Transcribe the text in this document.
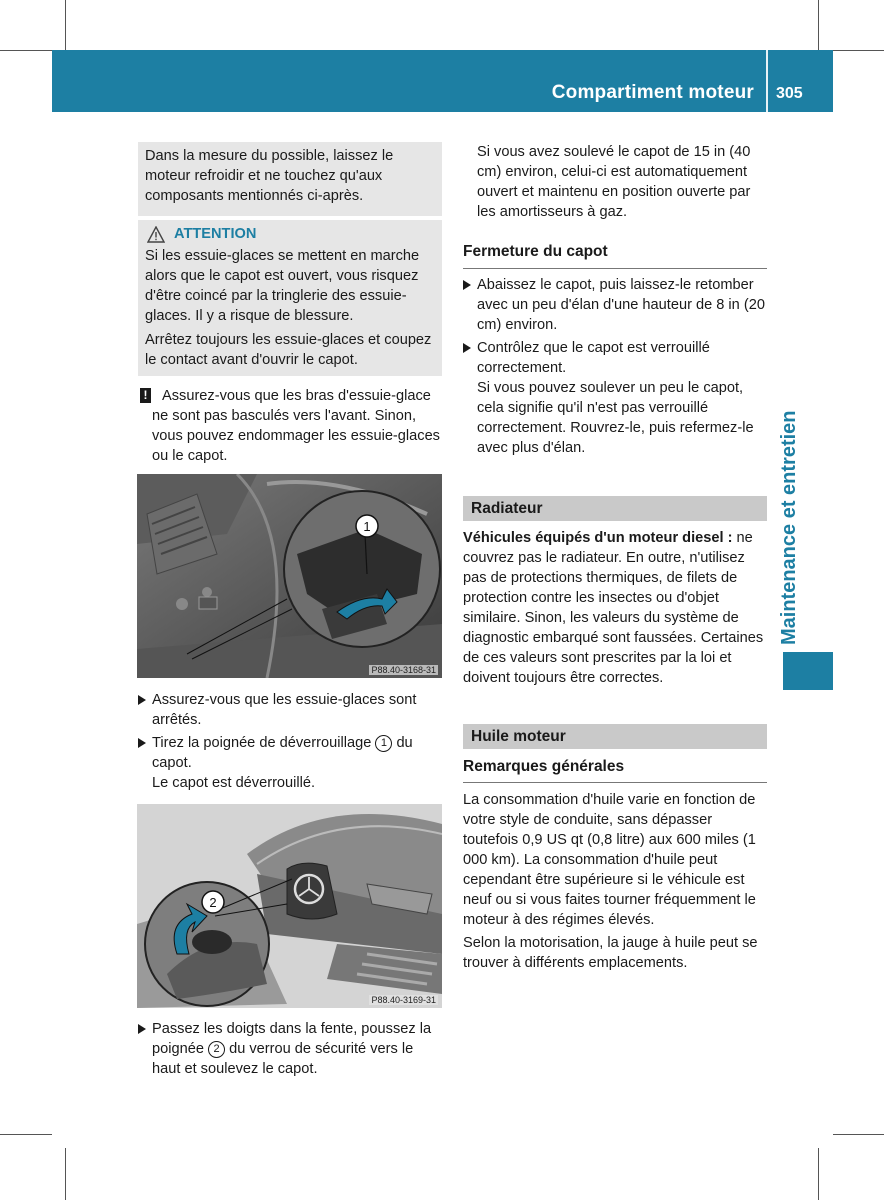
Compartiment moteur 305
Maintenance et entretien
Dans la mesure du possible, laissez le moteur refroidir et ne touchez qu'aux composants mentionnés ci-après.
ATTENTION
Si les essuie-glaces se mettent en marche alors que le capot est ouvert, vous risquez d'être coincé par la tringlerie des essuie-glaces. Il y a risque de blessure.
Arrêtez toujours les essuie-glaces et coupez le contact avant d'ouvrir le capot.
! Assurez-vous que les bras d'essuie-glace ne sont pas basculés vers l'avant. Sinon, vous pouvez endommager les essuie-glaces ou le capot.
1
P88.40-3168-31
Assurez-vous que les essuie-glaces sont arrêtés.
Tirez la poignée de déverrouillage 1 du capot.
Le capot est déverrouillé.
2
P88.40-3169-31
Passez les doigts dans la fente, poussez la poignée 2 du verrou de sécurité vers le haut et soulevez le capot.
Si vous avez soulevé le capot de 15 in (40 cm) environ, celui-ci est automatiquement ouvert et maintenu en position ouverte par les amortisseurs à gaz.
Fermeture du capot
Abaissez le capot, puis laissez-le retomber avec un peu d'élan d'une hauteur de 8 in (20 cm) environ.
Contrôlez que le capot est verrouillé correctement.
Si vous pouvez soulever un peu le capot, cela signifie qu'il n'est pas verrouillé correctement. Rouvrez-le, puis refermez-le avec plus d'élan.
Radiateur
Véhicules équipés d'un moteur diesel : ne couvrez pas le radiateur. En outre, n'utilisez pas de protections thermiques, de filets de protection contre les insectes ou d'objet similaire. Sinon, les valeurs du système de diagnostic embarqué sont faussées. Certaines de ces valeurs sont prescrites par la loi et doivent toujours être correctes.
Huile moteur
Remarques générales
La consommation d'huile varie en fonction de votre style de conduite, sans dépasser toutefois 0,9 US qt (0,8 litre) aux 600 miles (1 000 km). La consommation d'huile peut cependant être supérieure si le véhicule est neuf ou si vous faites tourner fréquemment le moteur à des régimes élevés.
Selon la motorisation, la jauge à huile peut se trouver à différents emplacements.
